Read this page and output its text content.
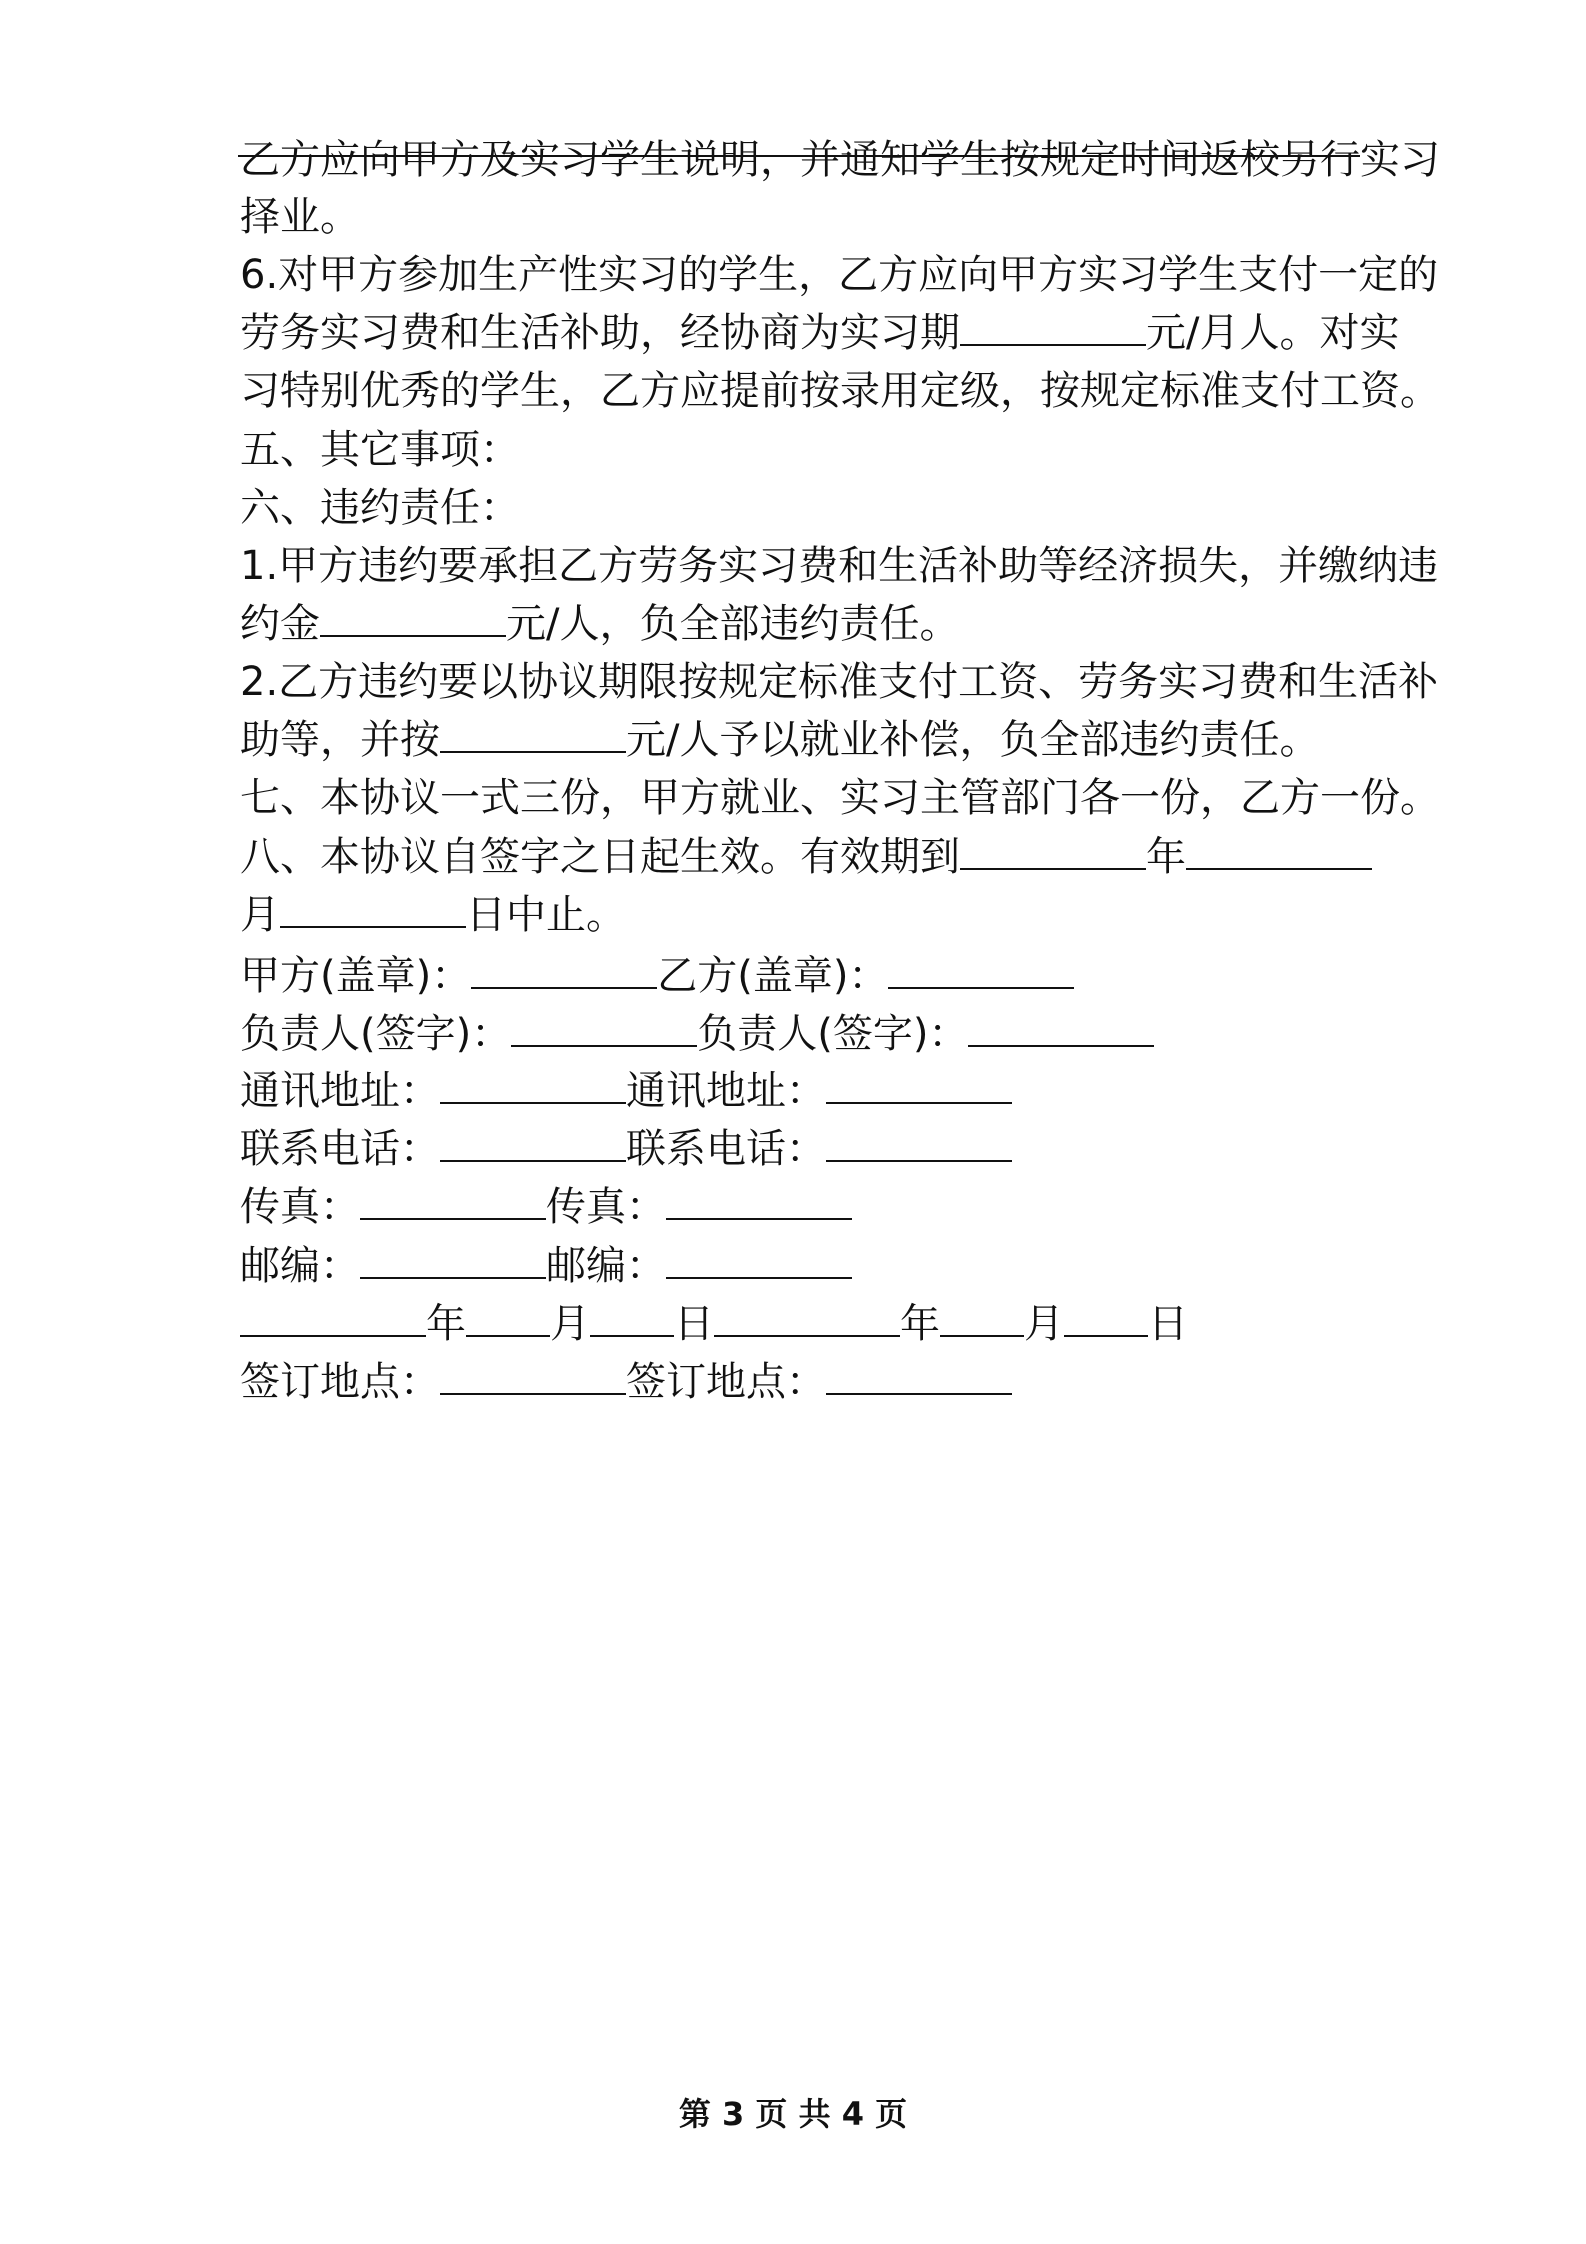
乙方应向甲方及实习学生说明，并通知学生按规定时间返校另行实习
择业。
6.对甲方参加生产性实习的学生，乙方应向甲方实习学生支付一定的
劳务实习费和生活补助，经协商为实习期	元/月人。对实
习特别优秀的学生，乙方应提前按录用定级，按规定标准支付工资。
五、其它事项：
六、违约责任：
1.甲方违约要承担乙方劳务实习费和生活补助等经济损失，并缴纳违
约金	元/人，负全部违约责任。
2.乙方违约要以协议期限按规定标准支付工资、劳务实习费和生活补
助等，并按	元/人予以就业补偿，负全部违约责任。
七、本协议一式三份，甲方就业、实习主管部门各一份，乙方一份。
八、本协议自签字之日起生效。有效期到	年
月	日中止。
甲方(盖章)：	乙方(盖章)：
负责人(签字)：	负责人(签字)：
通讯地址：	通讯地址：
联系电话：	联系电话：
传真：	传真：
邮编：	邮编：
年 月 日	年 月 日
签订地点：	签订地点：
第 3 页 共 4 页
